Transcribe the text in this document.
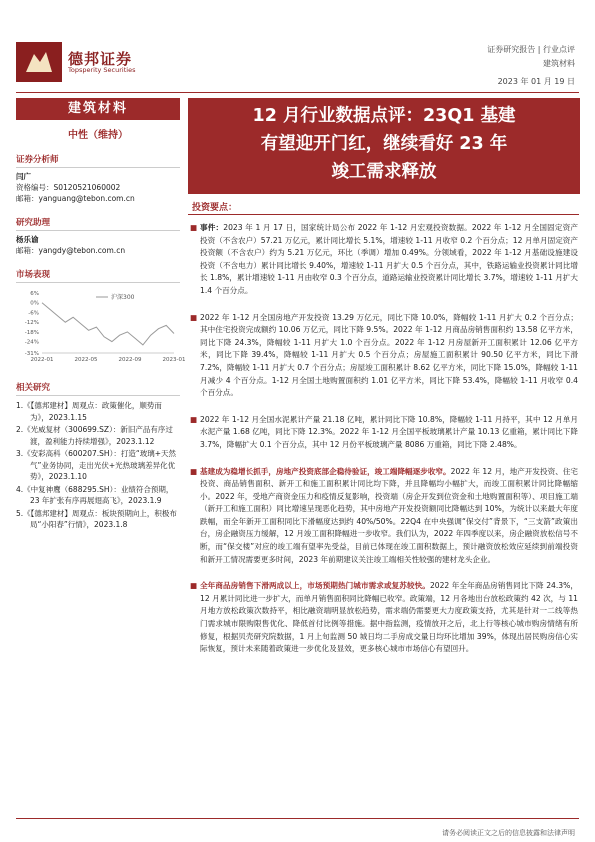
德邦证券
Topsperity Securities
证券研究报告 | 行业点评
建筑材料
2023 年 01 月 19 日
建筑材料
中性（维持）
证券分析师
闫广
资格编号：S0120521060002
邮箱：yanguang@tebon.com.cn
研究助理
杨乐谕
邮箱：yangdy@tebon.com.cn
市场表现
6%
0%
-6%
-12%
-18%
-24%
-31%
2022-01	2022-05	2022-09	2023-01
沪深300
相关研究
1.《【德邦建材】周观点：政策催化，顺势而为》，2023.1.15
2.《光威复材（300699.SZ）：新旧产品有序过渡，盈利能力持续增强》，2023.1.12
3.《安彩高科（600207.SH）：打造“玻璃+天然气”业务协同，走出光伏+光热玻璃差异化优势》，2023.1.10
4.《中复神鹰（688295.SH）：业绩符合预期，23 年扩张有序再展翅高飞》，2023.1.9
5.《【德邦建材】周观点：板块预期向上，积极布局“小阳春”行情》，2023.1.8
12 月行业数据点评：23Q1 基建
有望迎开门红，继续看好 23 年
竣工需求释放
投资要点：
■ 事件：2023 年 1 月 17 日，国家统计局公布 2022 年 1-12 月宏观投资数据。2022 年 1-12 月全国固定资产投资（不含农户）57.21 万亿元，累计同比增长 5.1%，增速较 1-11 月收窄 0.2 个百分点；12 月单月固定资产投资额（不含农户）约为 5.21 万亿元，环比（季调）增加 0.49%。分领域看，2022 年 1-12 月基础设施建设投资（不含电力）累计同比增长 9.40%，增速较 1-11 月扩大 0.5 个百分点，其中，铁路运输业投资累计同比增长 1.8%，累计增速较 1-11 月由收窄 0.3 个百分点，道路运输业投资累计同比增长 3.7%，增速较 1-11 月扩大 1.4 个百分点。
■ 2022 年 1-12 月全国房地产开发投资 13.29 万亿元，同比下降 10.0%，降幅较 1-11 月扩大 0.2 个百分点；其中住宅投资完成额约 10.06 万亿元，同比下降 9.5%。2022 年 1-12 月商品房销售面积约 13.58 亿平方米，同比下降 24.3%，降幅较 1-11 月扩大 1.0 个百分点。2022 年 1-12 月房屋新开工面积累计 12.06 亿平方米，同比下降 39.4%，降幅较 1-11 月扩大 0.5 个百分点；房屋施工面积累计 90.50 亿平方米，同比下滑 7.2%，降幅较 1-11 月扩大 0.7 个百分点；房屋竣工面积累计 8.62 亿平方米，同比下降 15.0%，降幅较 1-11 月减少 4 个百分点。1-12 月全国土地购置面积约 1.01 亿平方米，同比下降 53.4%，降幅较 1-11 月收窄 0.4 个百分点。
■ 2022 年 1-12 月全国水泥累计产量 21.18 亿吨，累计同比下降 10.8%，降幅较 1-11 月持平，其中 12 月单月水泥产量 1.68 亿吨，同比下降 12.3%。2022 年 1-12 月全国平板玻璃累计产量 10.13 亿重箱，累计同比下降 3.7%，降幅扩大 0.1 个百分点，其中 12 月份平板玻璃产量 8086 万重箱，同比下降 2.48%。
■ 基建成为稳增长抓手，房地产投资底部企稳待验证，竣工端降幅逐步收窄。2022 年 12 月，地产开发投资、住宅投资、商品销售面积、新开工和施工面积累计同比均下降，并且降幅均小幅扩大，而竣工面积累计同比降幅缩小。2022 年，受地产商资金压力和疫情反复影响，投资端（房企开发到位资金和土地购置面积等）、项目施工端（新开工和施工面积）同比增速呈现恶化趋势，其中房地产开发投资额同比降幅达到 10%，为统计以来最大年度跌幅，而全年新开工面积同比下滑幅度达到约 40%/50%。22Q4 在中央强调“保交付”背景下，“三支箭”政策出台，房企融资压力缓解，12 月竣工面积降幅进一步收窄。我们认为，2022 年四季度以来，房企融资放松信号不断，而“保交楼”对应的竣工端有望率先受益，目前已体现在竣工面积数据上，预计融资放松效应延续到前端投资和新开工情况需要更多时间，2023 年前期建议关注竣工端相关性较强的建材龙头企业。
■ 全年商品房销售下滑两成以上，市场预期热门城市需求或复苏较快。2022 年全年商品房销售同比下降 24.3%，12 月累计同比进一步扩大，而单月销售面积同比降幅已收窄。政策端，12 月各地出台放松政策约 42 次，与 11 月地方放松政策次数持平，相比融资端明显放松趋势，需求端仍需要更大力度政策支持，尤其是针对一二线等热门需求城市限购限售优化、降低首付比例等措施。据中指监测，疫情放开之后，北上行等核心城市购房情绪有所修复，根据贝壳研究院数据，1 月上旬监测 50 城日均二手房成交量日均环比增加 39%，体现出居民购房信心实际恢复，预计未来随着政策进一步优化及显效，更多核心城市市场信心有望回升。
请务必阅读正文之后的信息披露和法律声明
